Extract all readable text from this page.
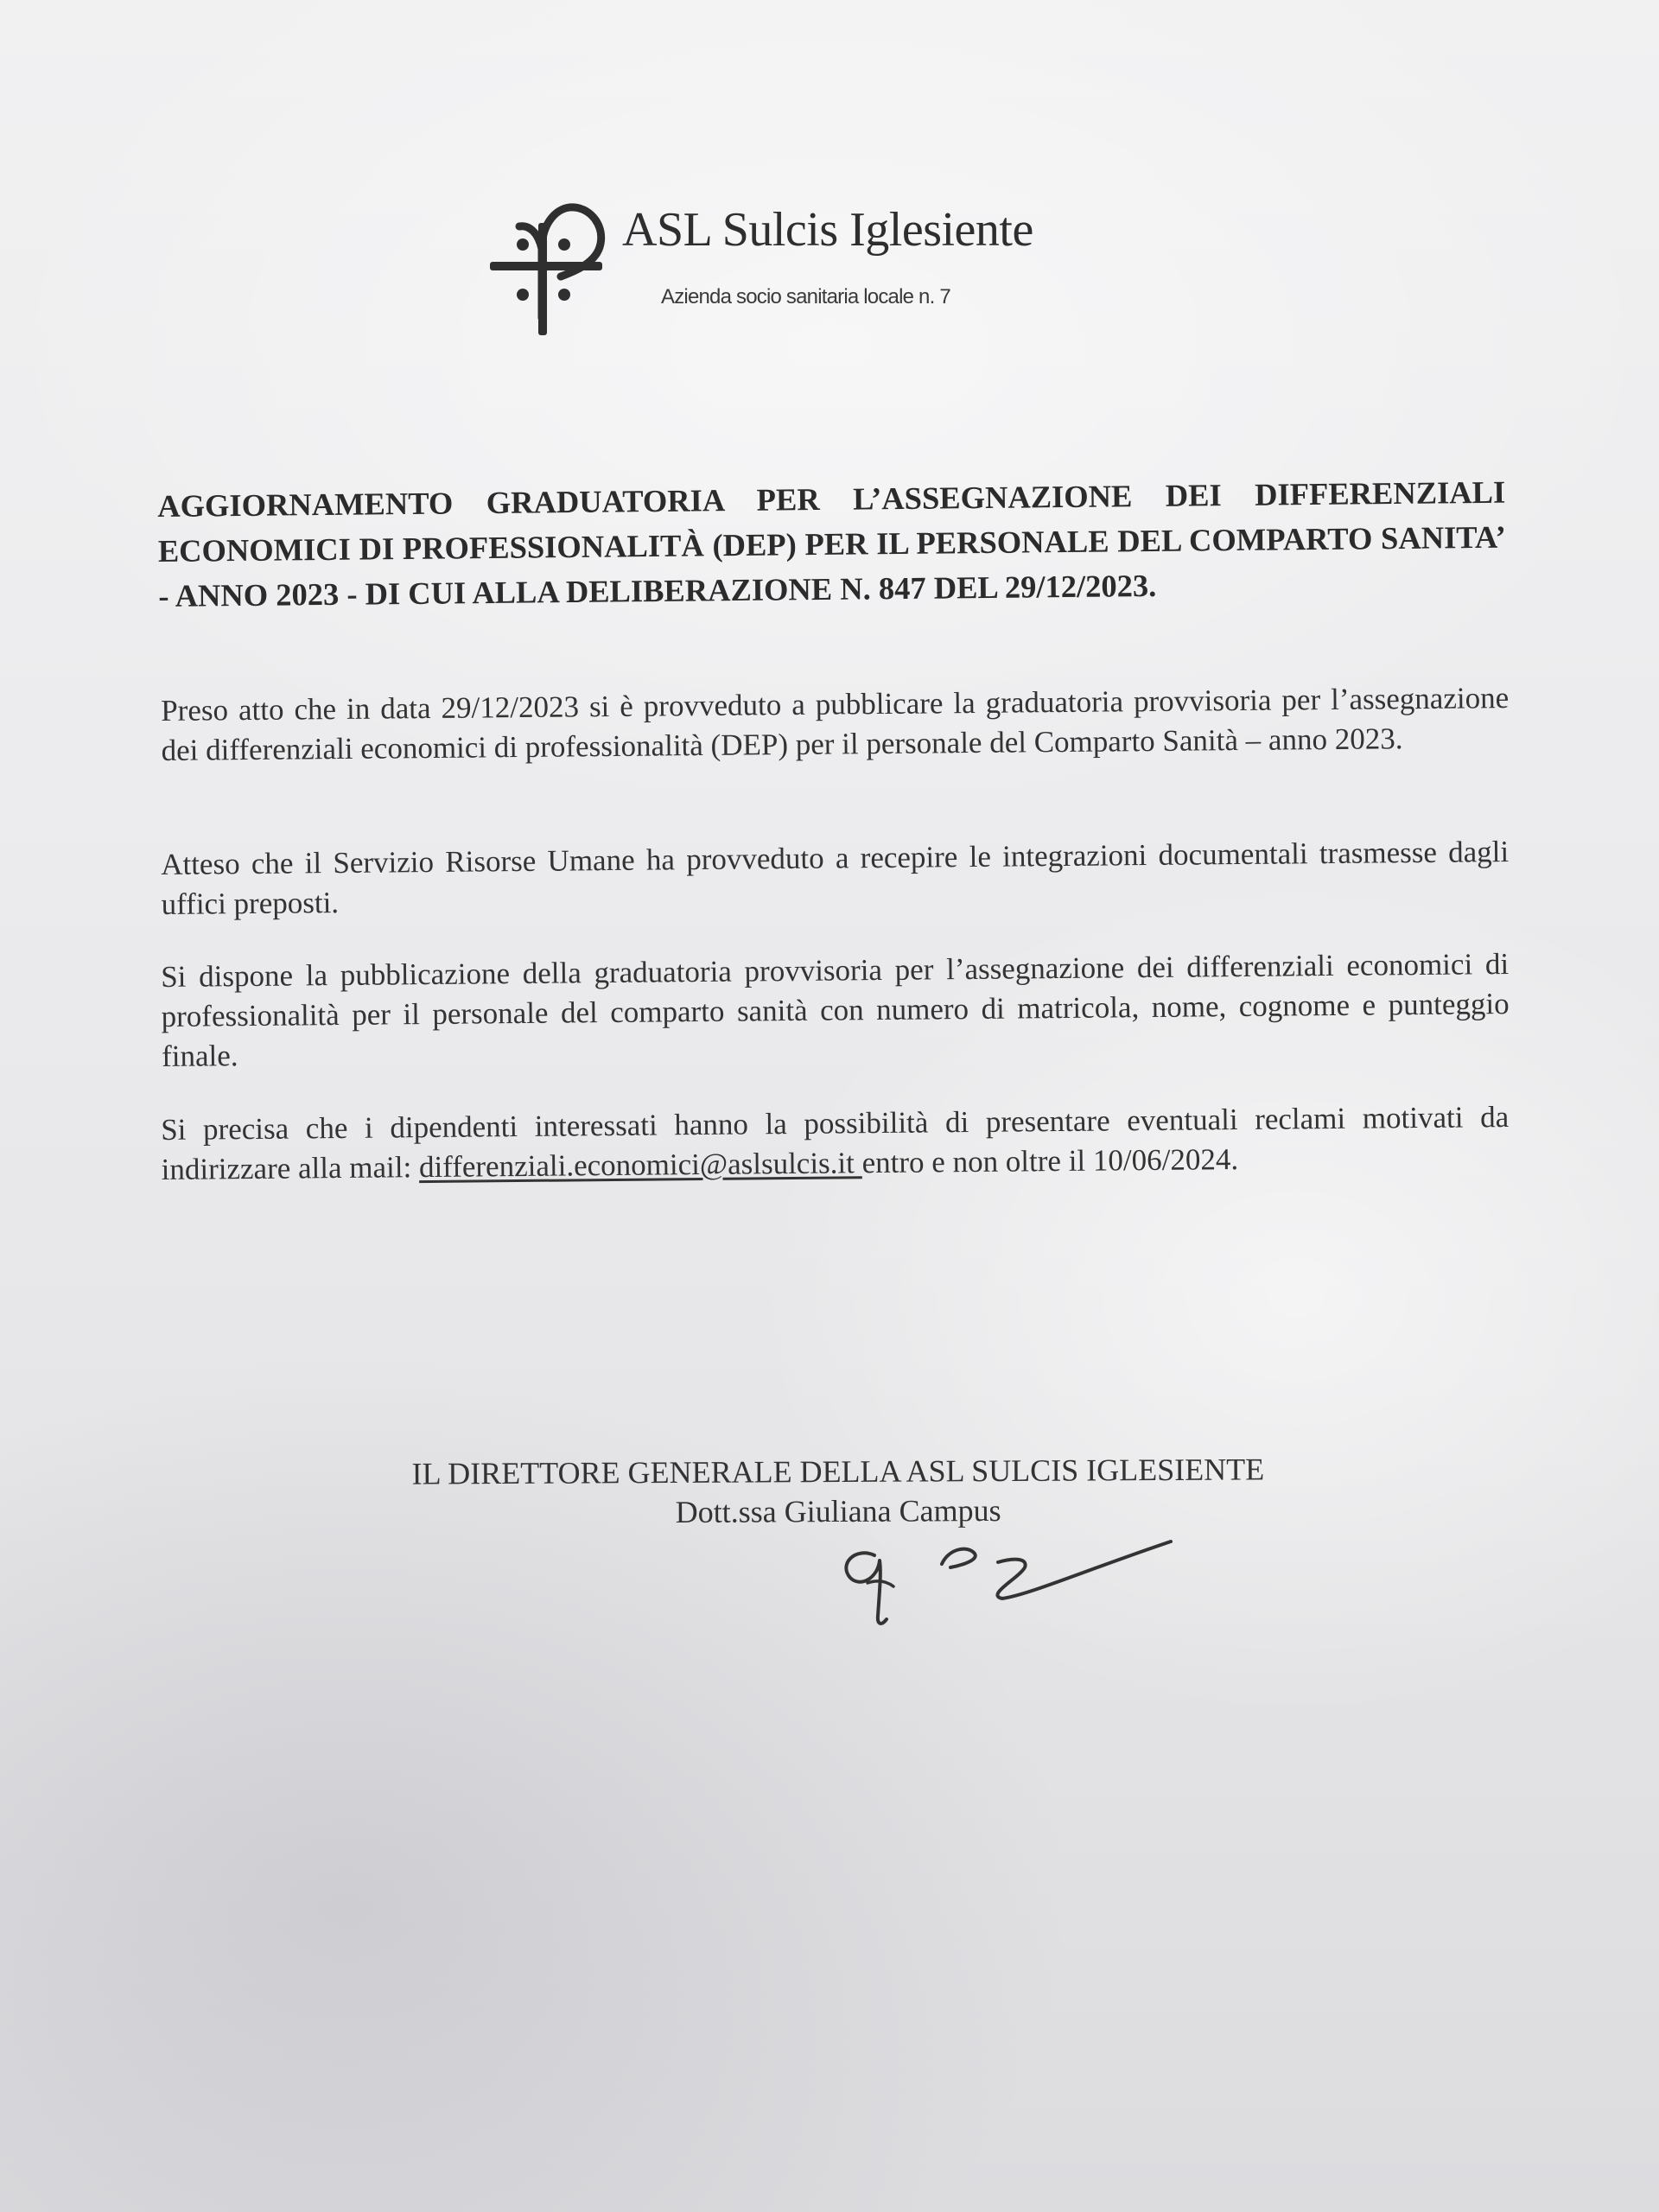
ASL Sulcis Iglesiente
Azienda socio sanitaria locale n. 7
AGGIORNAMENTO GRADUATORIA PER L’ASSEGNAZIONE DEI DIFFERENZIALI ECONOMICI DI PROFESSIONALITÀ (DEP) PER IL PERSONALE DEL COMPARTO SANITA’ - ANNO 2023 - DI CUI ALLA DELIBERAZIONE N. 847 DEL 29/12/2023.
Preso atto che in data 29/12/2023 si è provveduto a pubblicare la graduatoria provvisoria per l’assegnazione dei differenziali economici di professionalità (DEP) per il personale del Comparto Sanità – anno 2023.
Atteso che il Servizio Risorse Umane ha provveduto a recepire le integrazioni documentali trasmesse dagli uffici preposti.
Si dispone la pubblicazione della graduatoria provvisoria per l’assegnazione dei differenziali economici di professionalità per il personale del comparto sanità con numero di matricola, nome, cognome e punteggio finale.
Si precisa che i dipendenti interessati hanno la possibilità di presentare eventuali reclami motivati da indirizzare alla mail: differenziali.economici@aslsulcis.it entro e non oltre il 10/06/2024.
IL DIRETTORE GENERALE DELLA ASL SULCIS IGLESIENTE
Dott.ssa Giuliana Campus
